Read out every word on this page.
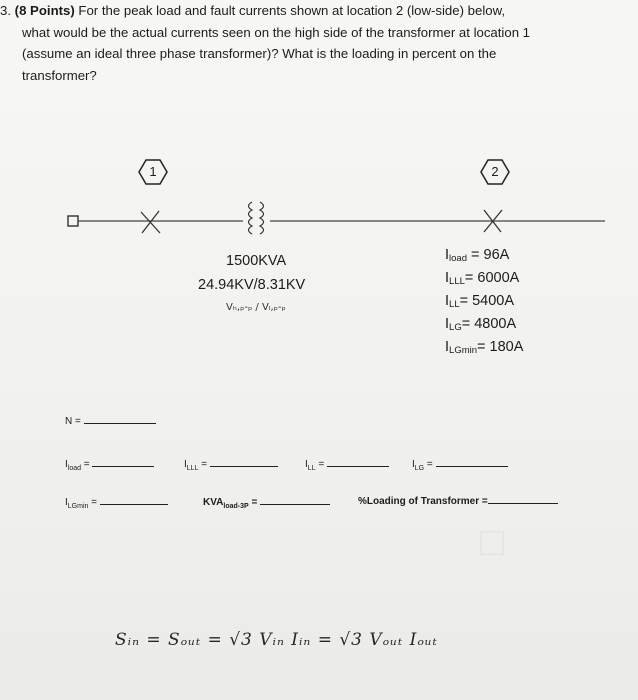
□
3. (8 Points) For the peak load and fault currents shown at location 2 (low-side) below,
what would be the actual currents seen on the high side of the transformer at location 1
(assume an ideal three phase transformer)? What is the loading in percent on the
transformer?
1	2
1500KVA
24.94KV/8.31KV
Vₕ,ₚ-ₚ / Vₗ,ₚ-ₚ
$I_{load} = 96A$
$I_{LLL}= 6000A$
$I_{LL}= 5400A$
$I_{LG}= 4800A$
$I_{LGmin}= 180A$
N =
$I_{load}$ =	$I_{LLL}$ =	$I_{LL}$ =	$I_{LG}$ =
$I_{LGmin}$ =	$KVA_{load-3P}$ =	%Loading of Transformer =
Sᵢₙ = Sₒᵤₜ = √3 Vᵢₙ Iᵢₙ = √3 Vₒᵤₜ Iₒᵤₜ
